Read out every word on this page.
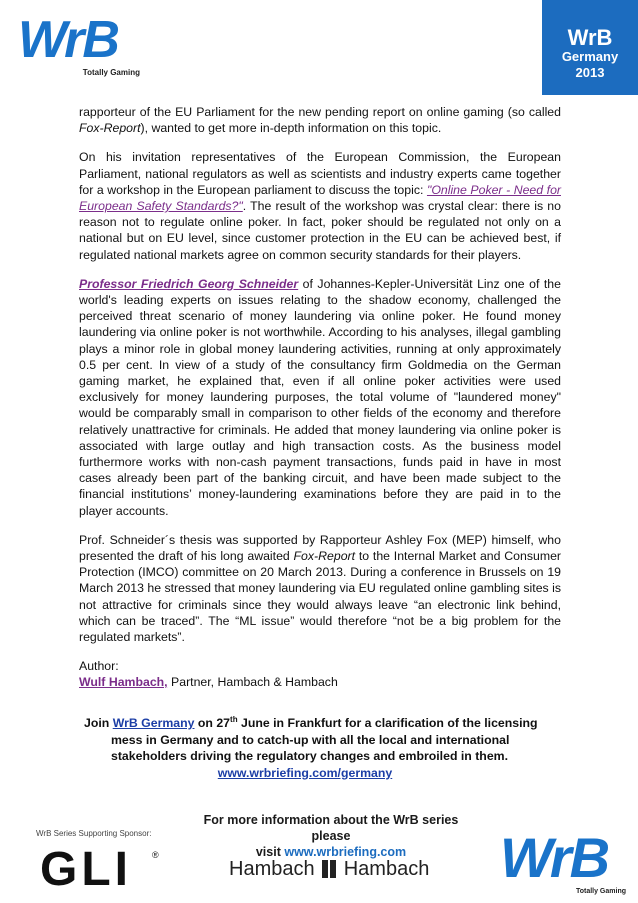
WrB
Totally Gaming
WrB
Germany
2013

rapporteur of the EU Parliament for the new pending report on online gaming (so called Fox-Report), wanted to get more in-depth information on this topic.

On his invitation representatives of the European Commission, the European Parliament, national regulators as well as scientists and industry experts came together for a workshop in the European parliament to discuss the topic: "Online Poker - Need for European Safety Standards?". The result of the workshop was crystal clear: there is no reason not to regulate online poker. In fact, poker should be regulated not only on a national but on EU level, since customer protection in the EU can be achieved best, if regulated national markets agree on common security standards for their players.

Professor Friedrich Georg Schneider of Johannes-Kepler-Universität Linz one of the world's leading experts on issues relating to the shadow economy, challenged the perceived threat scenario of money laundering via online poker. He found money laundering via online poker is not worthwhile. According to his analyses, illegal gambling plays a minor role in global money laundering activities, running at only approximately 0.5 per cent. In view of a study of the consultancy firm Goldmedia on the German gaming market, he explained that, even if all online poker activities were used exclusively for money laundering purposes, the total volume of "laundered money" would be comparably small in comparison to other fields of the economy and therefore relatively unattractive for criminals. He added that money laundering via online poker is associated with large outlay and high transaction costs. As the business model furthermore works with non-cash payment transactions, funds paid in have in most cases already been part of the banking circuit, and have been made subject to the financial institutions’ money-laundering examinations before they are paid in to the player accounts.

Prof. Schneider´s thesis was supported by Rapporteur Ashley Fox (MEP) himself, who presented the draft of his long awaited Fox-Report to the Internal Market and Consumer Protection (IMCO) committee on 20 March 2013. During a conference in Brussels on 19 March 2013 he stressed that money laundering via EU regulated online gambling sites is not attractive for criminals since they would always leave “an electronic link behind, which can be traced”. The “ML issue” would therefore “not be a big problem for the regulated markets”.

Author:
Wulf Hambach, Partner, Hambach & Hambach

Join WrB Germany on 27th June in Frankfurt for a clarification of the licensing mess in Germany and to catch-up with all the local and international stakeholders driving the regulatory changes and embroiled in them.
www.wrbriefing.com/germany
For more information about the WrB series please
visit www.wrbriefing.com
WrB Series Supporting Sponsor:
GLI ®
Hambach Hambach WrB
Totally Gaming
